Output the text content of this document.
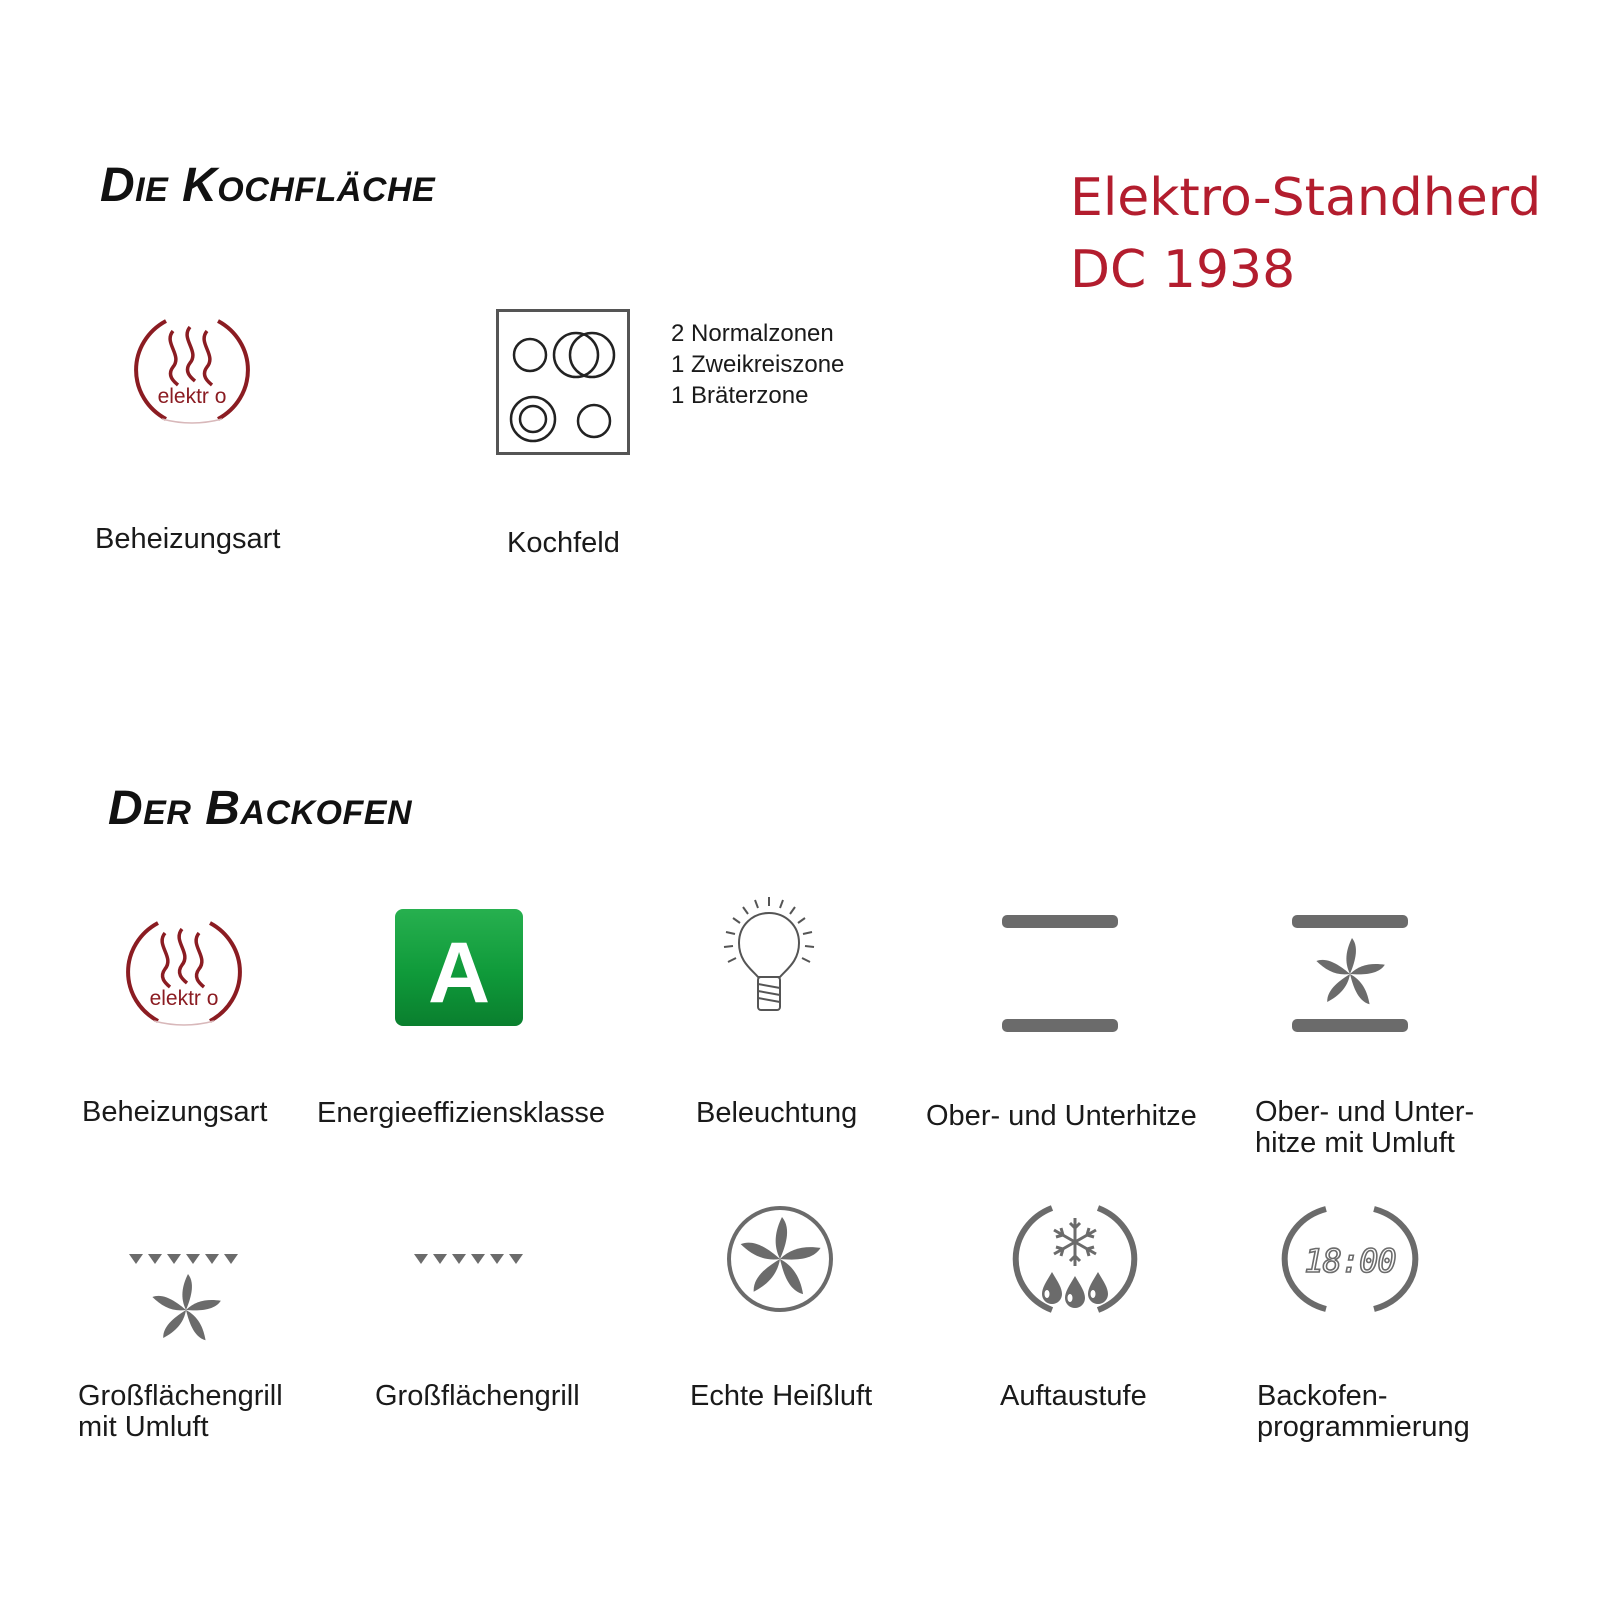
Die Kochfläche
Der Backofen
Elektro-Standherd
DC 1938
elektr o
Beheizungsart
2 Normalzonen
1 Zweikreiszone
1 Bräterzone
Kochfeld
elektr o
Beheizungsart
A
Energieeffiziensklasse	Beleuchtung Ober- und Unterhitze Ober- und Unter-
hitze mit Umluft
Großflächengrill
mit Umluft
Großflächengrill	Echte Heißluft	Auftaustufe
18:00
Backofen-
programmierung
